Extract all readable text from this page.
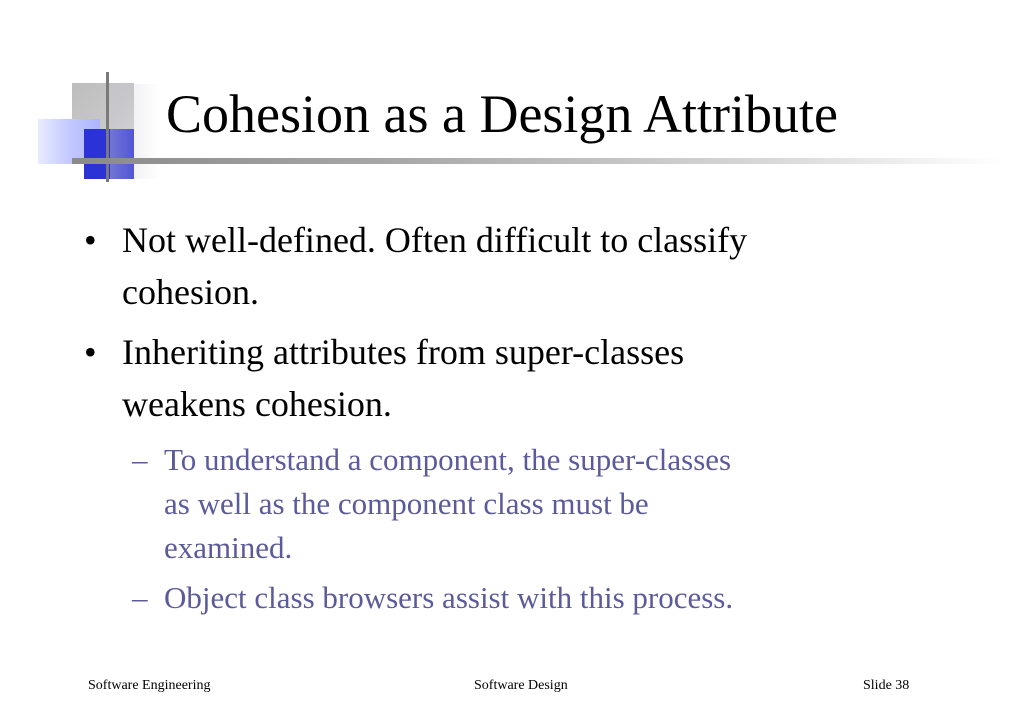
Cohesion as a Design Attribute
• Not well-defined. Often difficult to classify
cohesion.
• Inheriting attributes from super-classes
weakens cohesion.
– To understand a component, the super-classes
as well as the component class must be
examined.
– Object class browsers assist with this process.
Software Engineering	Software Design	Slide 38
